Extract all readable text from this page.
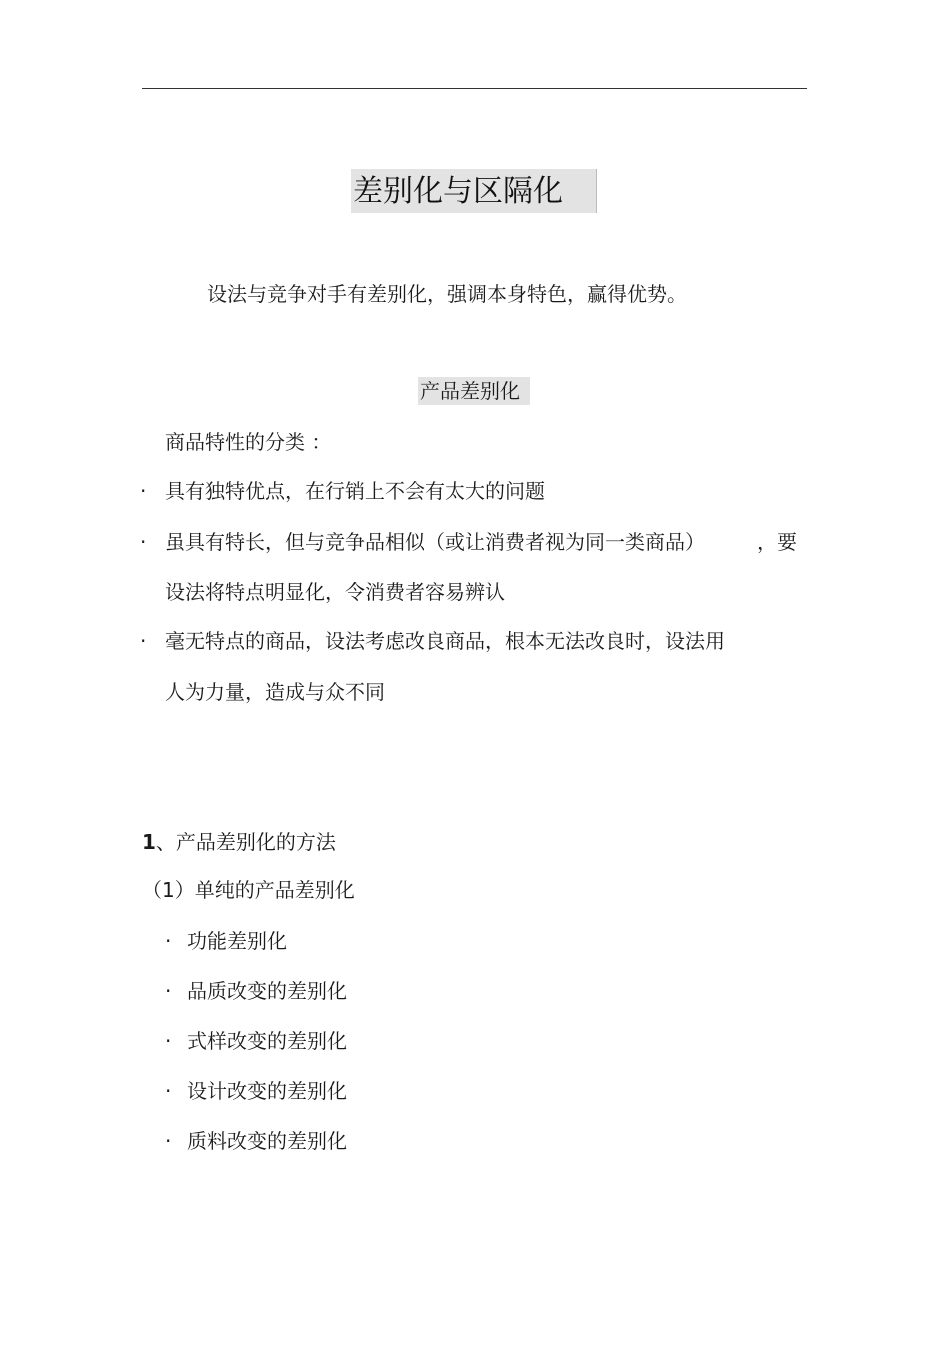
差别化与区隔化
设法与竞争对手有差别化，强调本身特色，赢得优势。
产品差别化
商品特性的分类 ：
· 具有独特优点，在行销上不会有太大的问题
· 虽具有特长，但与竞争品相似（或让消费者视为同一类商品）	，要
设法将特点明显化，令消费者容易辨认
· 毫无特点的商品，设法考虑改良商品，根本无法改良时，设法用
人为力量，造成与众不同
1、产品差别化的方法
（1）单纯的产品差别化
· 功能差别化
· 品质改变的差别化
· 式样改变的差别化
· 设计改变的差别化
· 质料改变的差别化
